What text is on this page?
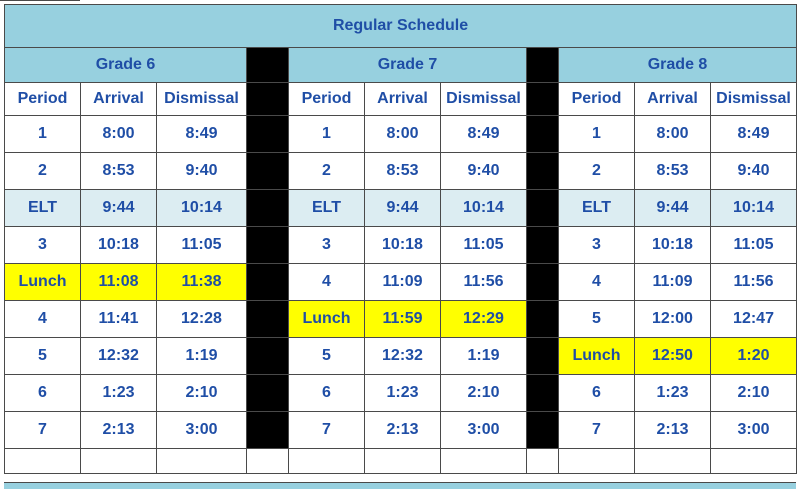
Regular Schedule										
Grade 6				Grade 7				Grade 8		
Period	Arrival	Dismissal		Period	Arrival	Dismissal		Period	Arrival	Dismissal
1	8:00	8:49		1	8:00	8:49		1	8:00	8:49
2	8:53	9:40		2	8:53	9:40		2	8:53	9:40
ELT	9:44	10:14		ELT	9:44	10:14		ELT	9:44	10:14
3	10:18	11:05		3	10:18	11:05		3	10:18	11:05
Lunch	11:08	11:38		4	11:09	11:56		4	11:09	11:56
4	11:41	12:28		Lunch	11:59	12:29		5	12:00	12:47
5	12:32	1:19		5	12:32	1:19		Lunch	12:50	1:20
6	1:23	2:10		6	1:23	2:10		6	1:23	2:10
7	2:13	3:00		7	2:13	3:00		7	2:13	3:00
